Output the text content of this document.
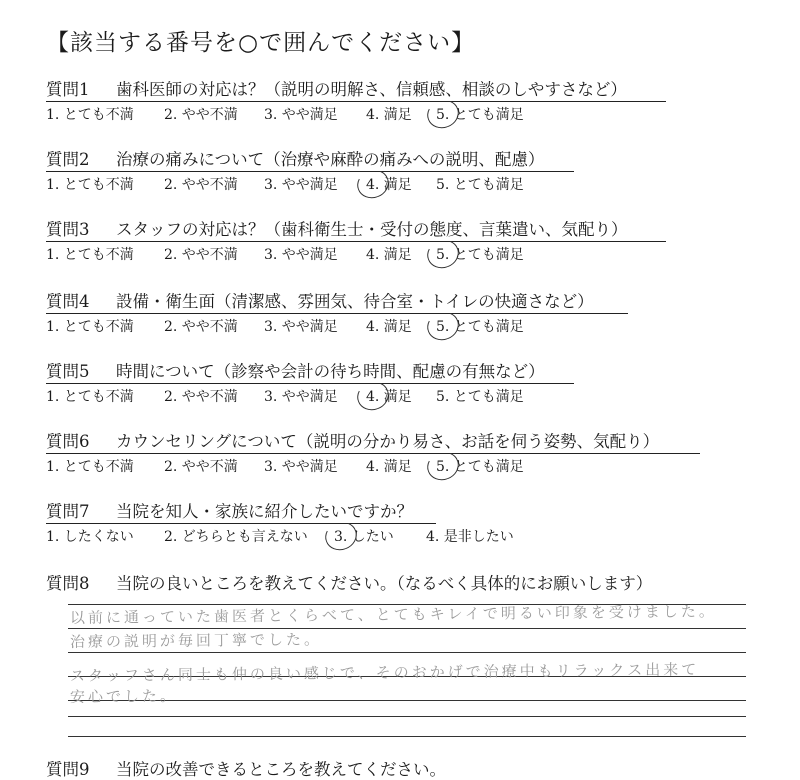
【該当する番号を○で囲んでください】
質問1 歯科医師の対応は？（説明の明解さ、信頼感、相談のしやすさなど）
1. とても不満 2. やや不満 3. やや満足 4. 満足 5. とても満足
質問2 治療の痛みについて（治療や麻酔の痛みへの説明、配慮）
1. とても不満 2. やや不満 3. やや満足 4. 満足 5. とても満足
質問3 スタッフの対応は？（歯科衛生士・受付の態度、言葉遣い、気配り）
1. とても不満 2. やや不満 3. やや満足 4. 満足 5. とても満足
質問4 設備・衛生面（清潔感、雰囲気、待合室・トイレの快適さなど）
1. とても不満 2. やや不満 3. やや満足 4. 満足 5. とても満足
質問5 時間について（診察や会計の待ち時間、配慮の有無など）
1. とても不満 2. やや不満 3. やや満足 4. 満足 5. とても満足
質問6 カウンセリングについて（説明の分かり易さ、お話を伺う姿勢、気配り）
1. とても不満 2. やや不満 3. やや満足 4. 満足 5. とても満足
質問7 当院を知人・家族に紹介したいですか？
1. したくない 2. どちらとも言えない 3. したい 4. 是非したい
質問8 当院の良いところを教えてください。（なるべく具体的にお願いします）
以前に通っていた歯医者とくらべて、とてもキレイで明るい印象を受けました。
治療の説明が毎回丁寧でした。
スタッフさん同士も仲の良い感じで、そのおかげで治療中もリラックス出来て
安心でした。
質問9 当院の改善できるところを教えてください。
